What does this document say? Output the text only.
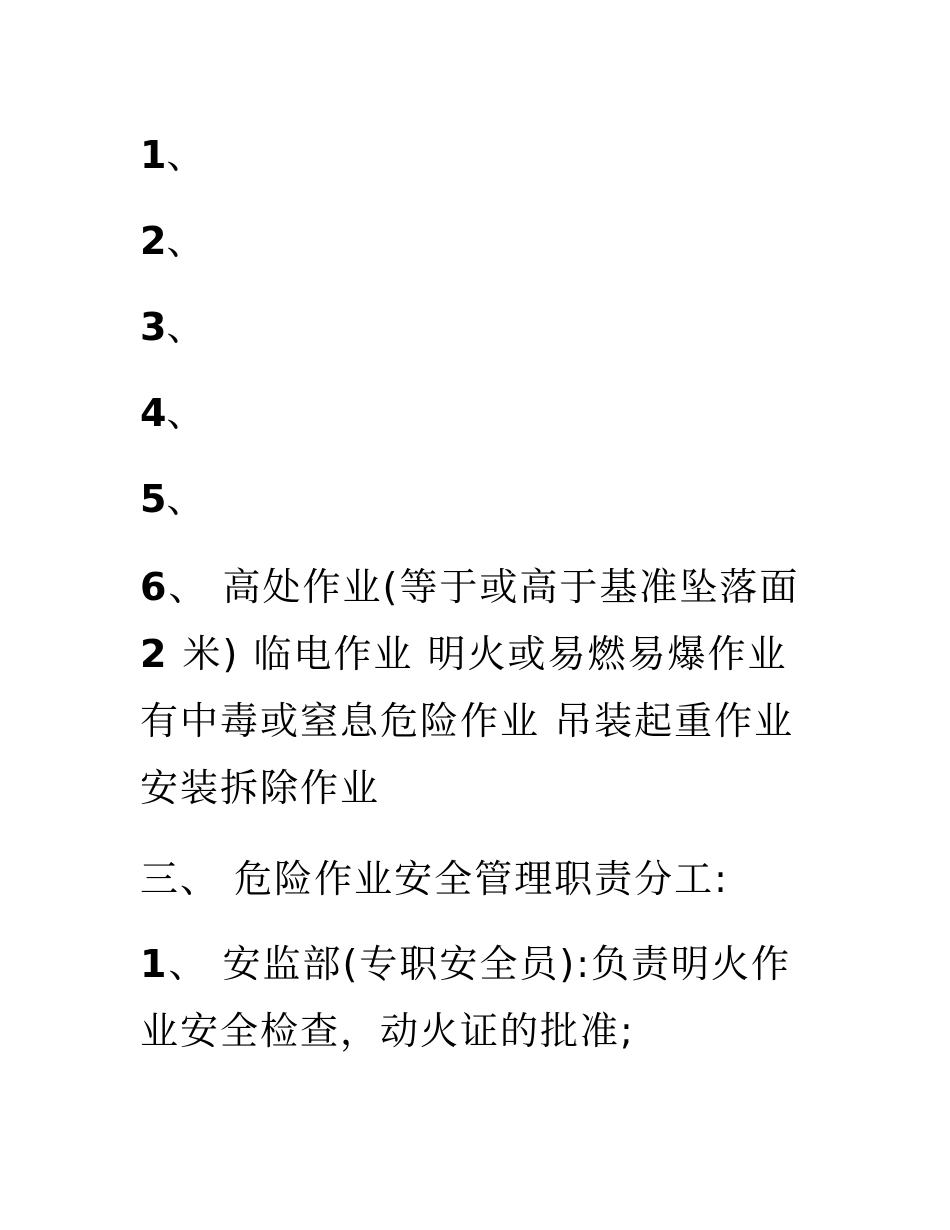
1、
2、
3、
4、
5、
6、 高处作业(等于或高于基准坠落面 2 米) 临电作业 明火或易燃易爆作业 有中毒或窒息危险作业 吊装起重作业 安装拆除作业
三、 危险作业安全管理职责分工:
1、 安监部(专职安全员):负责明火作业安全检查，动火证的批准;
